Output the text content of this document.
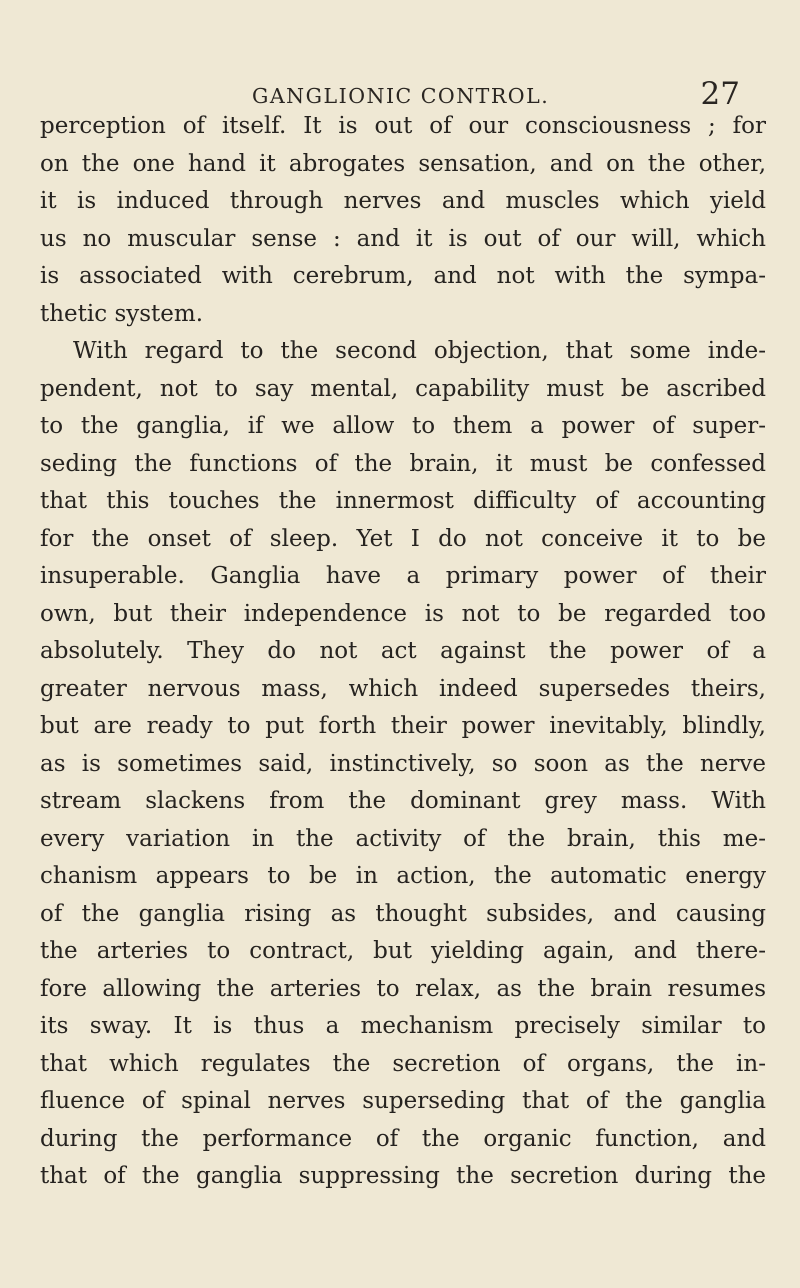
GANGLIONIC CONTROL.	27
perception of itself. It is out of our consciousness ; for
on the one hand it abrogates sensation, and on the other,
it is induced through nerves and muscles which yield
us no muscular sense : and it is out of our will, which
is associated with cerebrum, and not with the sympa-
thetic system.
With regard to the second objection, that some inde-
pendent, not to say mental, capability must be ascribed
to the ganglia, if we allow to them a power of super-
seding the functions of the brain, it must be confessed
that this touches the innermost difficulty of accounting
for the onset of sleep. Yet I do not conceive it to be
insuperable. Ganglia have a primary power of their
own, but their independence is not to be regarded too
absolutely. They do not act against the power of a
greater nervous mass, which indeed supersedes theirs,
but are ready to put forth their power inevitably, blindly,
as is sometimes said, instinctively, so soon as the nerve
stream slackens from the dominant grey mass. With
every variation in the activity of the brain, this me-
chanism appears to be in action, the automatic energy
of the ganglia rising as thought subsides, and causing
the arteries to contract, but yielding again, and there-
fore allowing the arteries to relax, as the brain resumes
its sway. It is thus a mechanism precisely similar to
that which regulates the secretion of organs, the in-
fluence of spinal nerves superseding that of the ganglia
during the performance of the organic function, and
that of the ganglia suppressing the secretion during the
